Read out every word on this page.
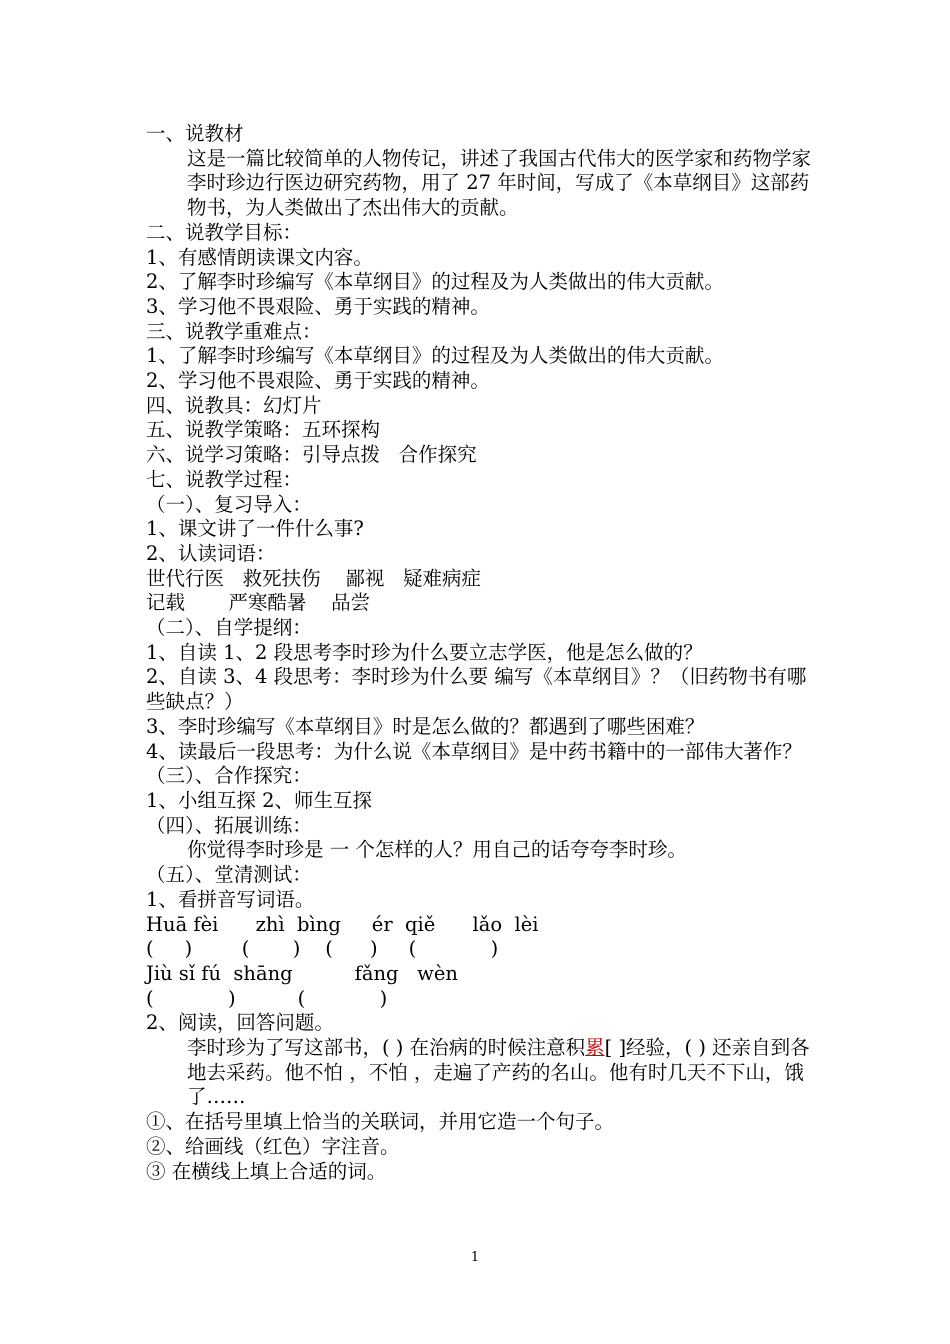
一、说教材

这是一篇比较简单的人物传记，讲述了我国古代伟大的医学家和药物学家李时珍边行医边研究药物，用了 27 年时间，写成了《本草纲目》这部药物书，为人类做出了杰出伟大的贡献。

二、说教学目标：

1、有感情朗读课文内容。

2、了解李时珍编写《本草纲目》的过程及为人类做出的伟大贡献。

3、学习他不畏艰险、勇于实践的精神。

三、说教学重难点：

1、了解李时珍编写《本草纲目》的过程及为人类做出的伟大贡献。

2、学习他不畏艰险、勇于实践的精神。

四、说教具：幻灯片

五、说教学策略：五环探构

六、说学习策略：引导点拨   合作探究

七、说教学过程：

（一）、复习导入：

1、课文讲了一件什么事?

2、认读词语：

世代行医   救死扶伤    鄙视   疑难病症

记载       严寒酷暑    品尝

（二）、自学提纲：

1、自读 1、2 段思考李时珍为什么要立志学医，他是怎么做的？

2、自读 3、4 段思考：李时珍为什么要 编写《本草纲目》？（旧药物书有哪些缺点？）

3、李时珍编写《本草纲目》时是怎么做的？都遇到了哪些困难？

4、读最后一段思考：为什么说《本草纲目》是中药书籍中的一部伟大著作？

（三）、合作探究：

1、小组互探 2、师生互探

（四）、拓展训练：

你觉得李时珍是 一 个怎样的人？用自己的话夸夸李时珍。

（五）、堂清测试：

1、看拼音写词语。

Huā fèi      zhì  bìng     ér  qiě      lǎo  lèi

(     )        (       )    (      )     (            )

Jiù sǐ fú  shāng          fǎng   wèn

(            )          (            )

2、阅读，回答问题。

李时珍为了写这部书，( ) 在治病的时候注意积累[ ]经验，( ) 还亲自到各地去采药。他不怕 ，不怕 ，走遍了产药的名山。他有时几天不下山，饿了……

①、在括号里填上恰当的关联词，并用它造一个句子。

②、给画线（红色）字注音。

③ 在横线上填上合适的词。

1
